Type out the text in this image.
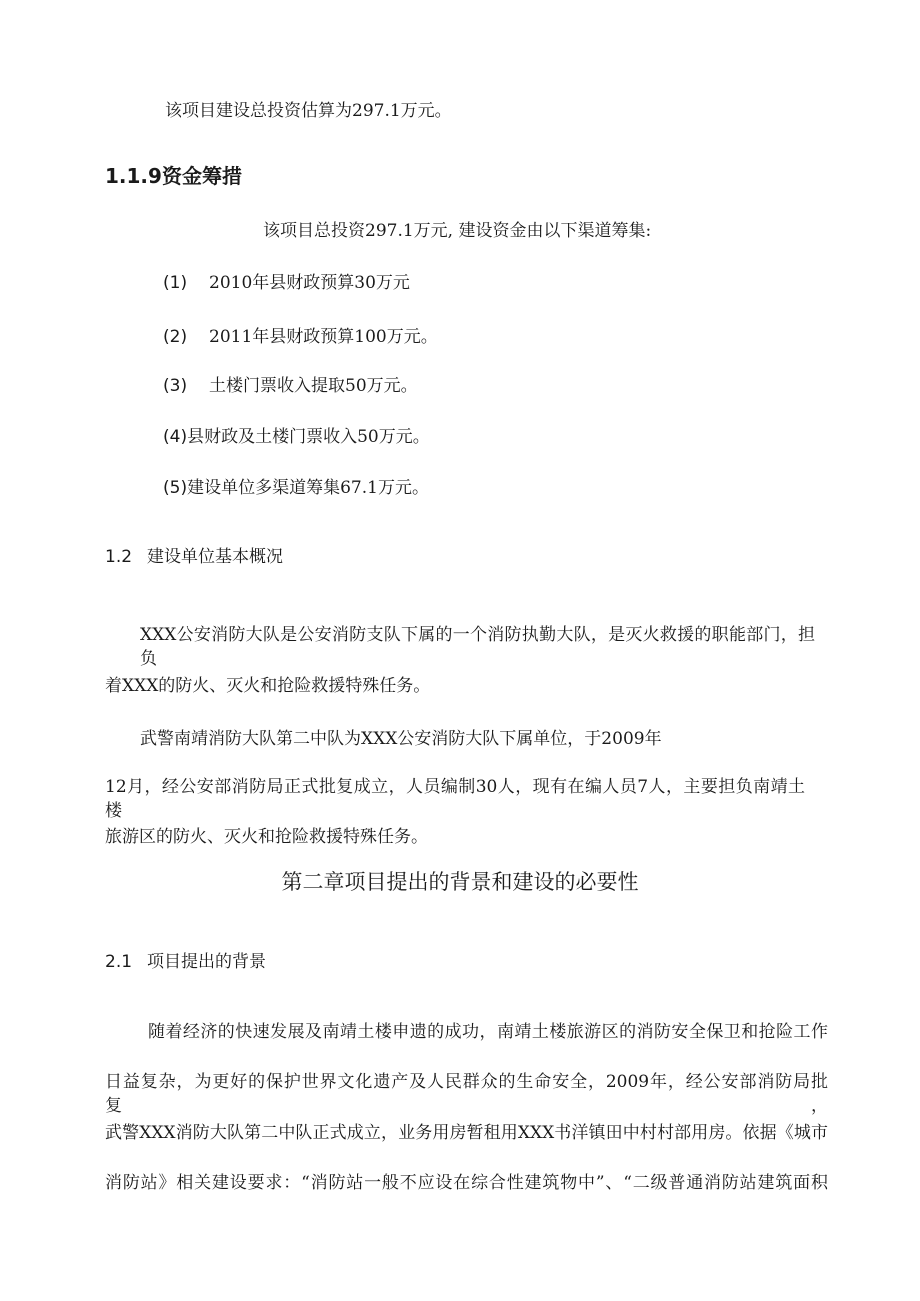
该项目建设总投资估算为297.1万元。
1.1.9资金筹措
该项目总投资297.1万元, 建设资金由以下渠道筹集:
(1) 2010年县财政预算30万元
(2) 2011年县财政预算100万元。
(3) 土楼门票收入提取50万元。
(4)县财政及土楼门票收入50万元。
(5)建设单位多渠道筹集67.1万元。
1.2 建设单位基本概况
XXX公安消防大队是公安消防支队下属的一个消防执勤大队，是灭火救援的职能部门，担负
着XXX的防火、灭火和抢险救援特殊任务。
武警南靖消防大队第二中队为XXX公安消防大队下属单位，于2009年
12月，经公安部消防局正式批复成立，人员编制30人，现有在编人员7人，主要担负南靖土楼
旅游区的防火、灭火和抢险救援特殊任务。
第二章项目提出的背景和建设的必要性
2.1 项目提出的背景
随着经济的快速发展及南靖土楼申遗的成功，南靖土楼旅游区的消防安全保卫和抢险工作
日益复杂，为更好的保护世界文化遗产及人民群众的生命安全，2009年，经公安部消防局批复，
武警XXX消防大队第二中队正式成立，业务用房暂租用XXX书洋镇田中村村部用房。依据《城市
消防站》相关建设要求：“消防站一般不应设在综合性建筑物中”、“二级普通消防站建筑面积
